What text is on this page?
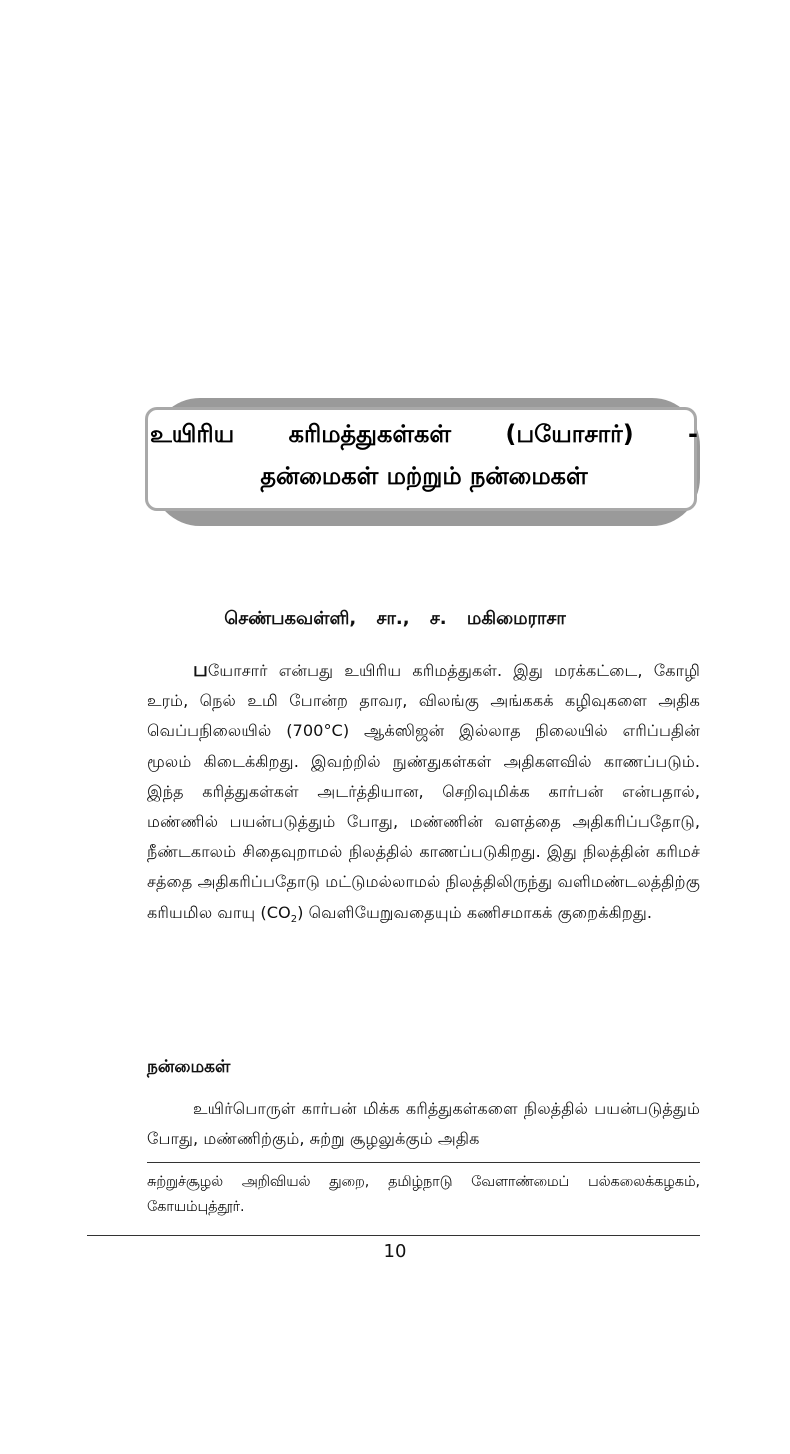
உயிரிய கரிமத்துகள்கள் (பயோசார்) -
தன்மைகள் மற்றும் நன்மைகள்
செண்பகவள்ளி, சா., ச. மகிமைராசா

பயோசார் என்பது உயிரிய கரிமத்துகள். இது மரக்கட்டை, கோழி உரம், நெல் உமி போன்ற தாவர, விலங்கு அங்ககக் கழிவுகளை அதிக வெப்பநிலையில் (700°C) ஆக்ஸிஜன் இல்லாத நிலையில் எரிப்பதின் மூலம் கிடைக்கிறது. இவற்றில் நுண்துகள்கள் அதிகளவில் காணப்படும். இந்த கரித்துகள்கள் அடர்த்தியான, செறிவுமிக்க கார்பன் என்பதால், மண்ணில் பயன்படுத்தும் போது, மண்ணின் வளத்தை அதிகரிப்பதோடு, நீண்டகாலம் சிதைவுறாமல் நிலத்தில் காணப்படுகிறது. இது நிலத்தின் கரிமச் சத்தை அதிகரிப்பதோடு மட்டுமல்லாமல் நிலத்திலிருந்து வளிமண்டலத்திற்கு கரியமில வாயு $(CO_2)$ வெளியேறுவதையும் கணிசமாகக் குறைக்கிறது.

நன்மைகள்

உயிர்பொருள் கார்பன் மிக்க கரித்துகள்களை நிலத்தில் பயன்படுத்தும் போது, மண்ணிற்கும், சுற்று சூழலுக்கும் அதிக

சுற்றுச்சூழல் அறிவியல் துறை, தமிழ்நாடு வேளாண்மைப் பல்கலைக்கழகம், கோயம்புத்தூர்.

10
